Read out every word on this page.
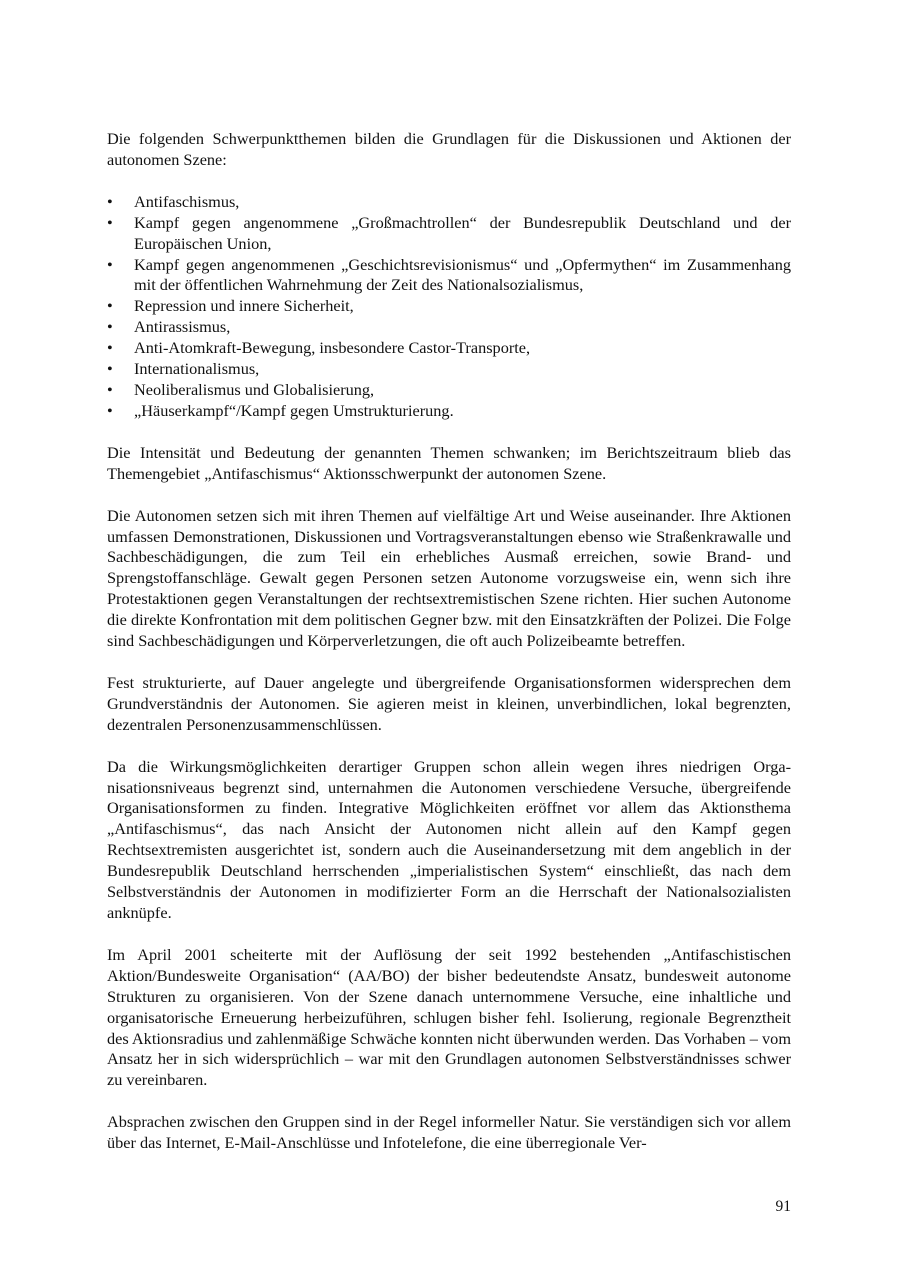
Die folgenden Schwerpunktthemen bilden die Grundlagen für die Diskussionen und Aktionen der autonomen Szene:

• Antifaschismus,
• Kampf gegen angenommene „Großmachtrollen“ der Bundesrepublik Deutschland und der Europäischen Union,
• Kampf gegen angenommenen „Geschichtsrevisionismus“ und „Opfermythen“ im Zusammenhang mit der öffentlichen Wahrnehmung der Zeit des Nationalsozialismus,
• Repression und innere Sicherheit,
• Antirassismus,
• Anti-Atomkraft-Bewegung, insbesondere Castor-Transporte,
• Internationalismus,
• Neoliberalismus und Globalisierung,
• „Häuserkampf“/Kampf gegen Umstrukturierung.

Die Intensität und Bedeutung der genannten Themen schwanken; im Berichtszeitraum blieb das Themengebiet „Antifaschismus“ Aktionsschwerpunkt der autonomen Szene.

Die Autonomen setzen sich mit ihren Themen auf vielfältige Art und Weise auseinander. Ihre Aktionen umfassen Demonstrationen, Diskussionen und Vortragsveranstaltungen ebenso wie Straßenkrawalle und Sachbeschädigungen, die zum Teil ein erhebliches Ausmaß erreichen, sowie Brand- und Sprengstoffanschläge. Gewalt gegen Personen setzen Autonome vorzugsweise ein, wenn sich ihre Protestaktionen gegen Veranstaltungen der rechtsextremistischen Szene richten. Hier suchen Autonome die direkte Konfrontation mit dem politischen Gegner bzw. mit den Einsatzkräften der Polizei. Die Folge sind Sachbeschädigungen und Körperverletzungen, die oft auch Polizeibeamte betreffen.

Fest strukturierte, auf Dauer angelegte und übergreifende Organisationsformen widersprechen dem Grundverständnis der Autonomen. Sie agieren meist in kleinen, unverbindlichen, lokal begrenzten, dezentralen Personenzusammenschlüssen.

Da die Wirkungsmöglichkeiten derartiger Gruppen schon allein wegen ihres niedrigen Organisationsniveaus begrenzt sind, unternahmen die Autonomen verschiedene Versuche, übergreifende Organisationsformen zu finden. Integrative Möglichkeiten eröffnet vor allem das Aktionsthema „Antifaschismus“, das nach Ansicht der Autonomen nicht allein auf den Kampf gegen Rechtsextremisten ausgerichtet ist, sondern auch die Auseinandersetzung mit dem angeblich in der Bundesrepublik Deutschland herrschenden „imperialistischen System“ einschließt, das nach dem Selbstverständnis der Autonomen in modifizierter Form an die Herrschaft der Nationalsozialisten anknüpfe.

Im April 2001 scheiterte mit der Auflösung der seit 1992 bestehenden „Antifaschistischen Aktion/Bundesweite Organisation“ (AA/BO) der bisher bedeutendste Ansatz, bundesweit autonome Strukturen zu organisieren. Von der Szene danach unternommene Versuche, eine inhaltliche und organisatorische Erneuerung herbeizuführen, schlugen bisher fehl. Isolierung, regionale Begrenztheit des Aktionsradius und zahlenmäßige Schwäche konnten nicht überwunden werden. Das Vorhaben – vom Ansatz her in sich widersprüchlich – war mit den Grundlagen autonomen Selbstverständnisses schwer zu vereinbaren.

Absprachen zwischen den Gruppen sind in der Regel informeller Natur. Sie verständigen sich vor allem über das Internet, E-Mail-Anschlüsse und Infotelefone, die eine überregionale Ver-

91
